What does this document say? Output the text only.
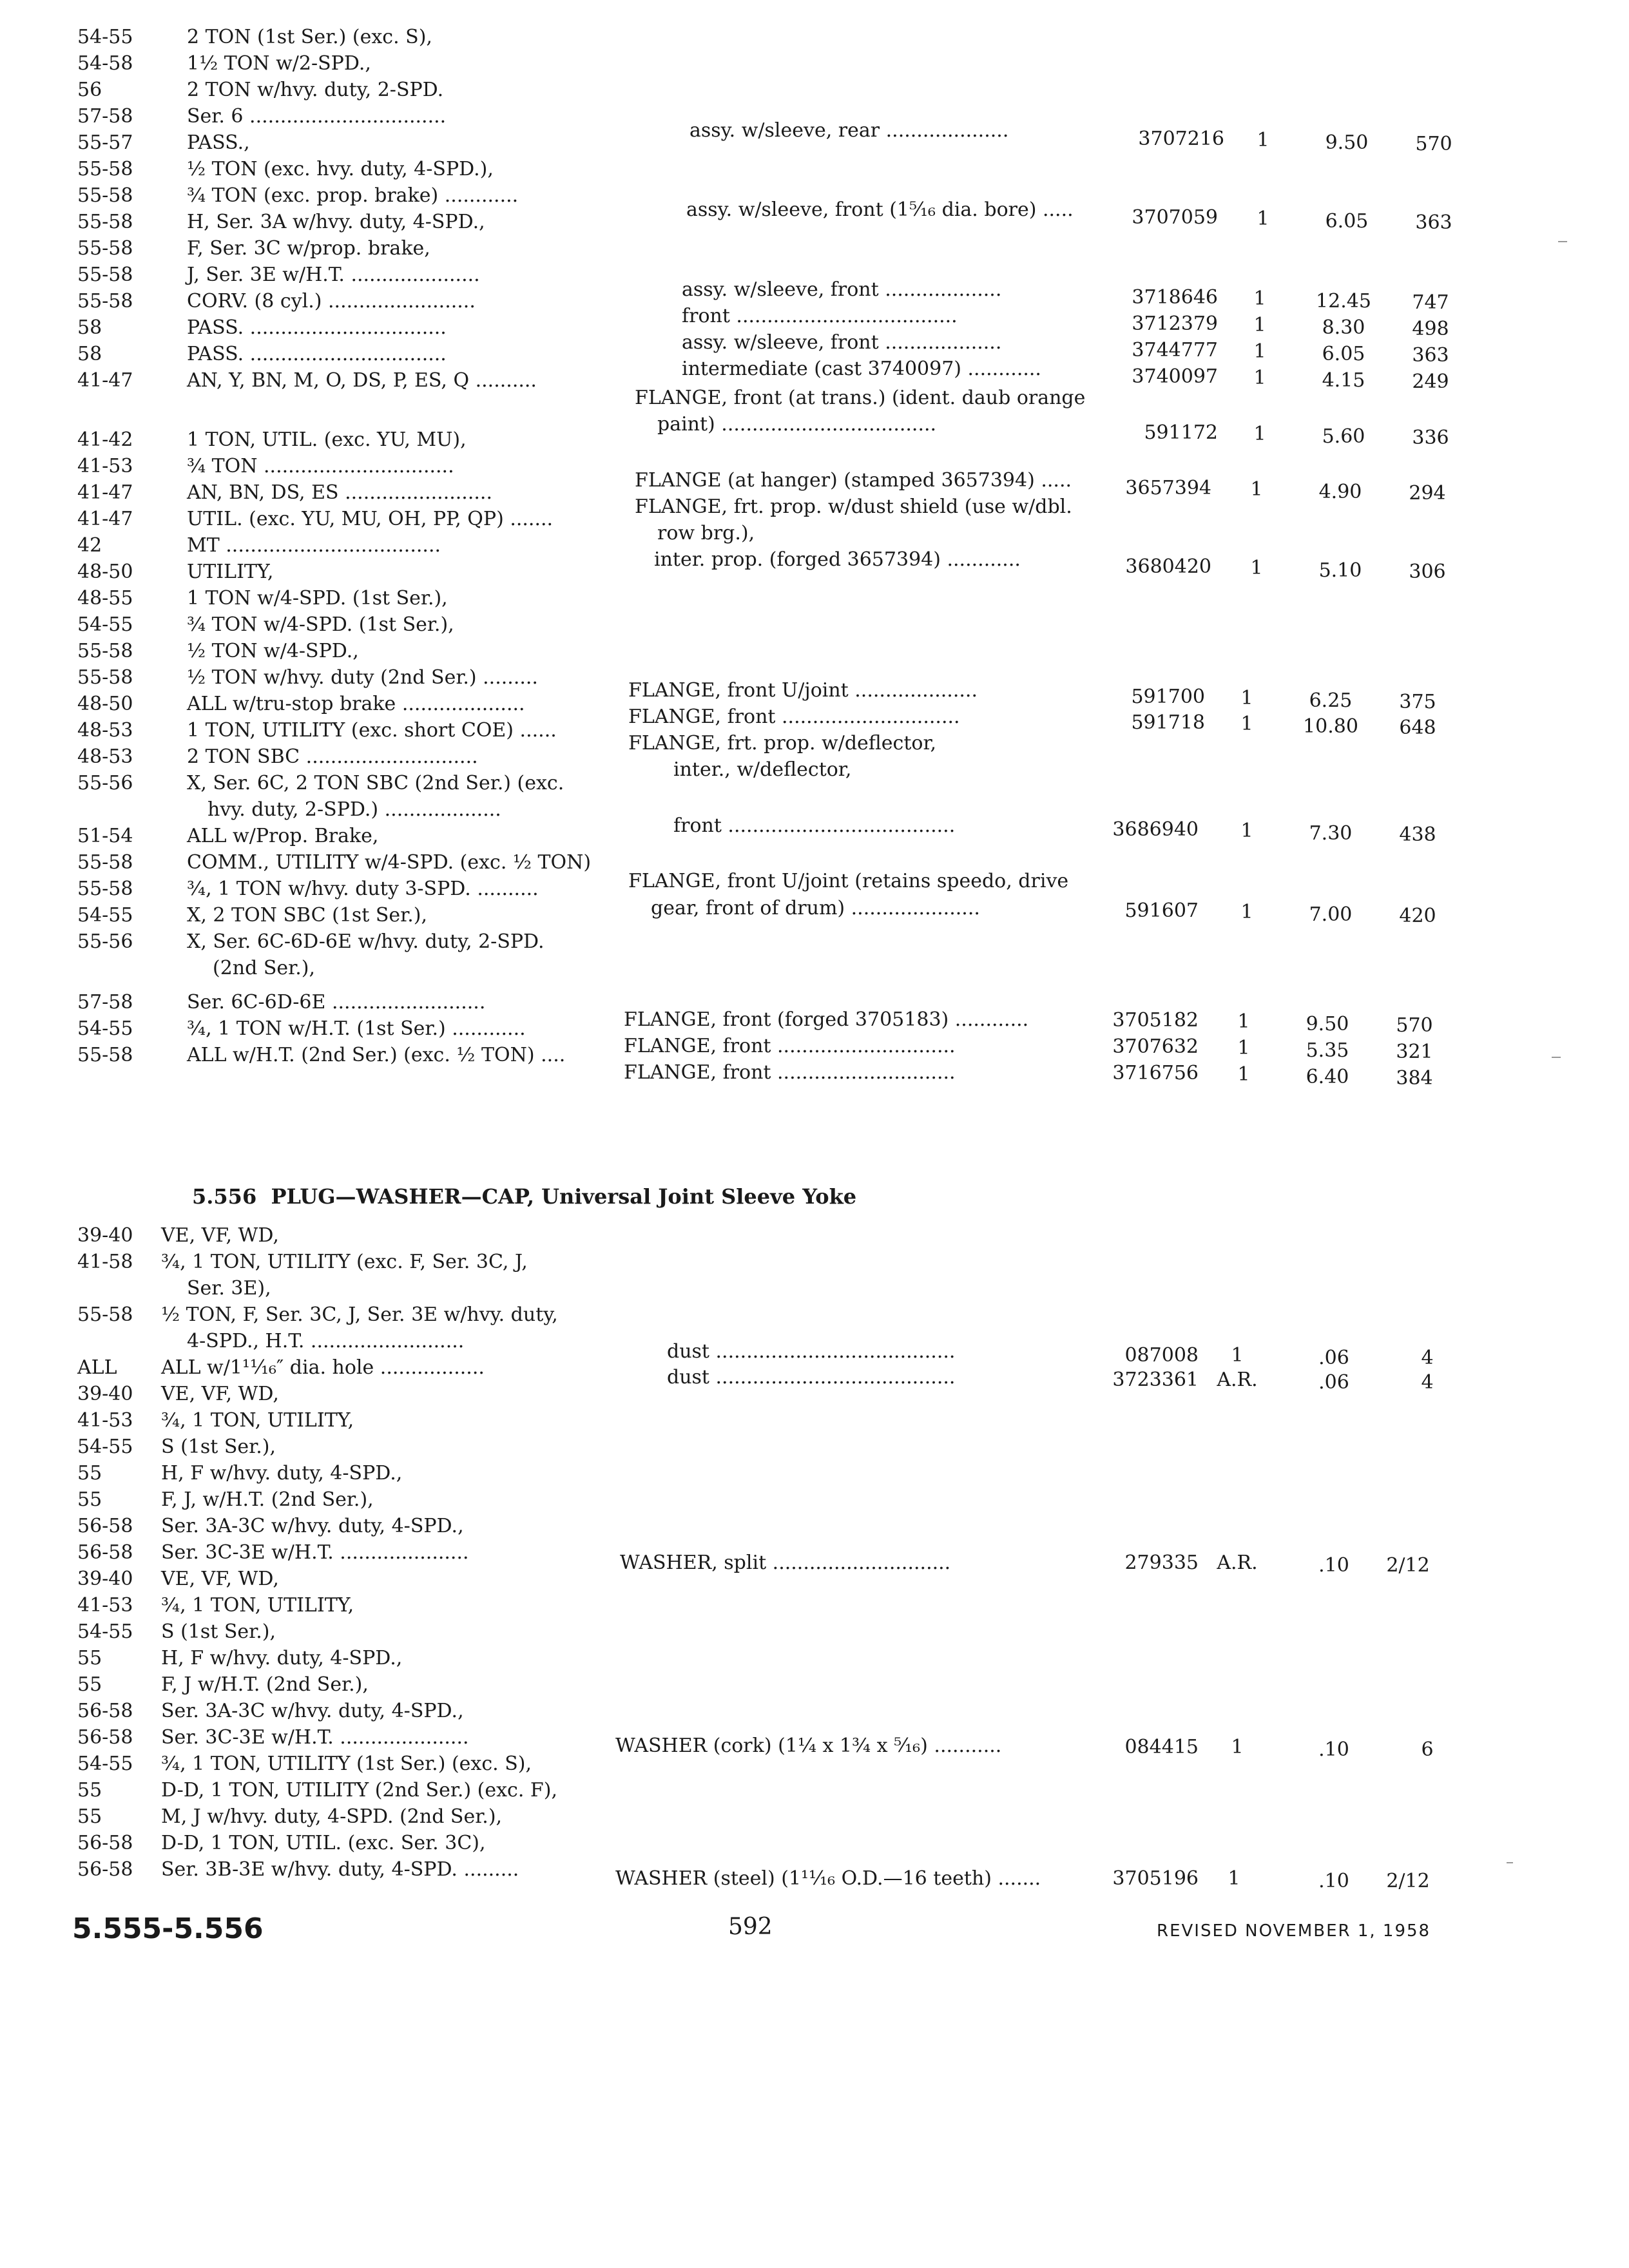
54-55	2 TON (1st Ser.) (exc. S),
54-58	1½ TON w/2-SPD.,
56	2 TON w/hvy. duty, 2-SPD.
57-58	Ser. 6 ................................
55-57	PASS.,
55-58	½ TON (exc. hvy. duty, 4-SPD.),
55-58	¾ TON (exc. prop. brake) ............
55-58	H, Ser. 3A w/hvy. duty, 4-SPD.,
55-58	F, Ser. 3C w/prop. brake,
55-58	J, Ser. 3E w/H.T. .....................
55-58	CORV. (8 cyl.) ........................
58	PASS. ................................
58	PASS. ................................
41-47	AN, Y, BN, M, O, DS, P, ES, Q ..........
41-42	1 TON, UTIL. (exc. YU, MU),
41-53	¾ TON ...............................
41-47	AN, BN, DS, ES ........................
41-47	UTIL. (exc. YU, MU, OH, PP, QP) .......
42	MT ...................................
48-50	UTILITY,
48-55	1 TON w/4-SPD. (1st Ser.),
54-55	¾ TON w/4-SPD. (1st Ser.),
55-58	½ TON w/4-SPD.,
55-58	½ TON w/hvy. duty (2nd Ser.) .........
48-50	ALL w/tru-stop brake ....................
48-53	1 TON, UTILITY (exc. short COE) ......
48-53	2 TON SBC ............................
55-56	X, Ser. 6C, 2 TON SBC (2nd Ser.) (exc.
hvy. duty, 2-SPD.) ...................
51-54	ALL w/Prop. Brake,
55-58	COMM., UTILITY w/4-SPD. (exc. ½ TON)
55-58	¾, 1 TON w/hvy. duty 3-SPD. ..........
54-55	X, 2 TON SBC (1st Ser.),
55-56	X, Ser. 6C-6D-6E w/hvy. duty, 2-SPD.
(2nd Ser.),
57-58	Ser. 6C-6D-6E .........................
54-55	¾, 1 TON w/H.T. (1st Ser.) ............
55-58	ALL w/H.T. (2nd Ser.) (exc. ½ TON) ....
assy. w/sleeve, rear ....................	3707216	1	9.50	570
assy. w/sleeve, front (1⁵⁄₁₆ dia. bore) .....	3707059	1	6.05	363
assy. w/sleeve, front ...................	3718646	1	12.45	747
front ....................................	3712379	1	8.30	498
assy. w/sleeve, front ...................	3744777	1	6.05	363
intermediate (cast 3740097) ............	3740097	1	4.15	249
FLANGE, front (at trans.) (ident. daub orange
paint) ...................................	591172	1	5.60	336
FLANGE (at hanger) (stamped 3657394) .....	3657394	1	4.90	294
FLANGE, frt. prop. w/dust shield (use w/dbl.
row brg.),
inter. prop. (forged 3657394) ............	3680420	1	5.10	306
FLANGE, front U/joint ....................	591700	1	6.25	375
FLANGE, front .............................	591718	1	10.80	648
FLANGE, frt. prop. w/deflector,
inter., w/deflector,
front .....................................	3686940	1	7.30	438
FLANGE, front U/joint (retains speedo, drive
gear, front of drum) .....................	591607	1	7.00	420
FLANGE, front (forged 3705183) ............	3705182	1	9.50	570
FLANGE, front .............................	3707632	1	5.35	321
FLANGE, front .............................	3716756	1	6.40	384
5.556 PLUG—WASHER—CAP, Universal Joint Sleeve Yoke
39-40	VE, VF, WD,
41-58	¾, 1 TON, UTILITY (exc. F, Ser. 3C, J,
Ser. 3E),
55-58	½ TON, F, Ser. 3C, J, Ser. 3E w/hvy. duty,
4-SPD., H.T. .........................
ALL	ALL w/1¹¹⁄₁₆″ dia. hole .................
39-40	VE, VF, WD,
41-53	¾, 1 TON, UTILITY,
54-55	S (1st Ser.),
55	H, F w/hvy. duty, 4-SPD.,
55	F, J, w/H.T. (2nd Ser.),
56-58	Ser. 3A-3C w/hvy. duty, 4-SPD.,
56-58	Ser. 3C-3E w/H.T. .....................
39-40	VE, VF, WD,
41-53	¾, 1 TON, UTILITY,
54-55	S (1st Ser.),
55	H, F w/hvy. duty, 4-SPD.,
55	F, J w/H.T. (2nd Ser.),
56-58	Ser. 3A-3C w/hvy. duty, 4-SPD.,
56-58	Ser. 3C-3E w/H.T. .....................
54-55	¾, 1 TON, UTILITY (1st Ser.) (exc. S),
55	D-D, 1 TON, UTILITY (2nd Ser.) (exc. F),
55	M, J w/hvy. duty, 4-SPD. (2nd Ser.),
56-58	D-D, 1 TON, UTIL. (exc. Ser. 3C),
56-58	Ser. 3B-3E w/hvy. duty, 4-SPD. .........
dust .......................................	087008	1	.06	4
dust .......................................	3723361 A.R.	.06	4
WASHER, split .............................	279335 A.R.	.10	2/12
WASHER (cork) (1¼ x 1¾ x ⁵⁄₁₆) ...........	084415	1	.10	6
WASHER (steel) (1¹¹⁄₁₆ O.D.—16 teeth) .......	3705196	1	.10	2/12
5.555-5.556	592	REVISED NOVEMBER 1, 1958
